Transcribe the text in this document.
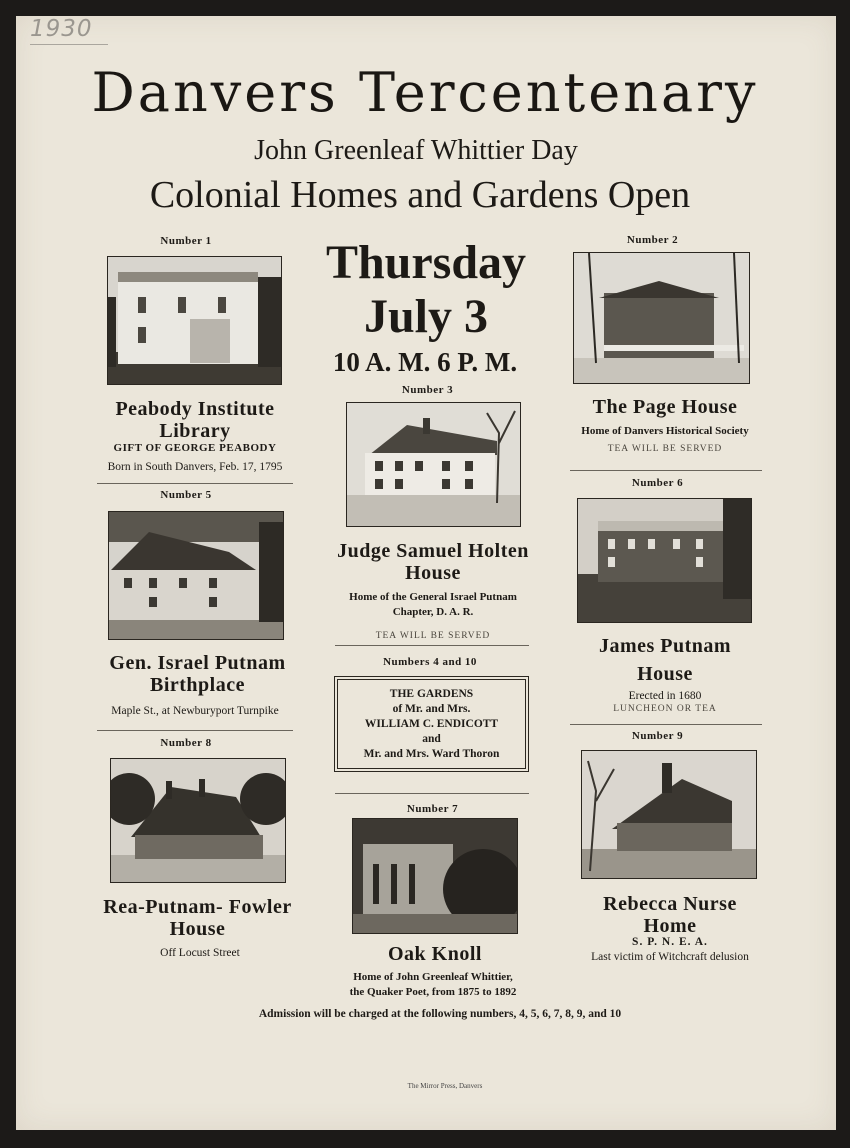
1930
Danvers Tercentenary
John Greenleaf Whittier Day
Colonial Homes and Gardens Open
Thursday
July 3
10 A. M. 6 P. M.
Number 1
Peabody Institute
Library
GIFT OF GEORGE PEABODY
Born in South Danvers, Feb. 17, 1795
Number 2
The Page House
Home of Danvers Historical Society
TEA WILL BE SERVED
Number 3
Judge Samuel Holten
House
Home of the General Israel Putnam
Chapter, D. A. R.
TEA WILL BE SERVED
Numbers 4 and 10
THE GARDENS
of Mr. and Mrs.
WILLIAM C. ENDICOTT
and
Mr. and Mrs. Ward Thoron
Number 5
Gen. Israel Putnam
Birthplace
Maple St., at Newburyport Turnpike
Number 6
James Putnam
House
Erected in 1680
LUNCHEON OR TEA
Number 7
Oak Knoll
Home of John Greenleaf Whittier,
the Quaker Poet, from 1875 to 1892
Number 8
Rea-Putnam- Fowler
House
Off Locust Street
Number 9
Rebecca Nurse
Home
S. P. N. E. A.
Last victim of Witchcraft delusion
Admission will be charged at the following numbers, 4, 5, 6, 7, 8, 9, and 10
The Mirror Press, Danvers
